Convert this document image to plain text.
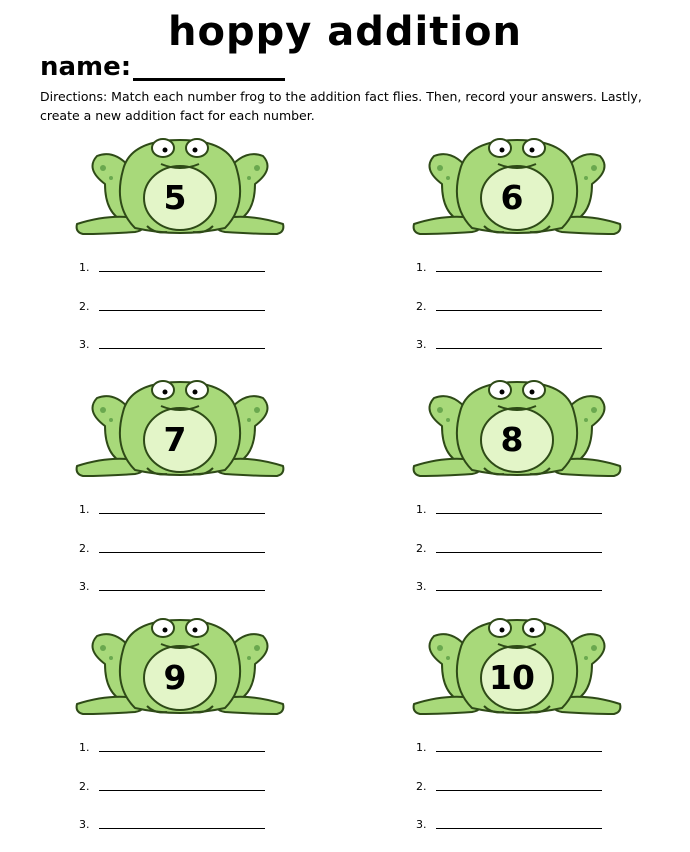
hoppy addition
name:
Directions: Match each number frog to the addition fact flies. Then, record your answers. Lastly, create a new addition fact for each number.
5
1.
2.
3.
6
1.
2.
3.
7
1.
2.
3.
8
1.
2.
3.
9
1.
2.
3.
10
1.
2.
3.
